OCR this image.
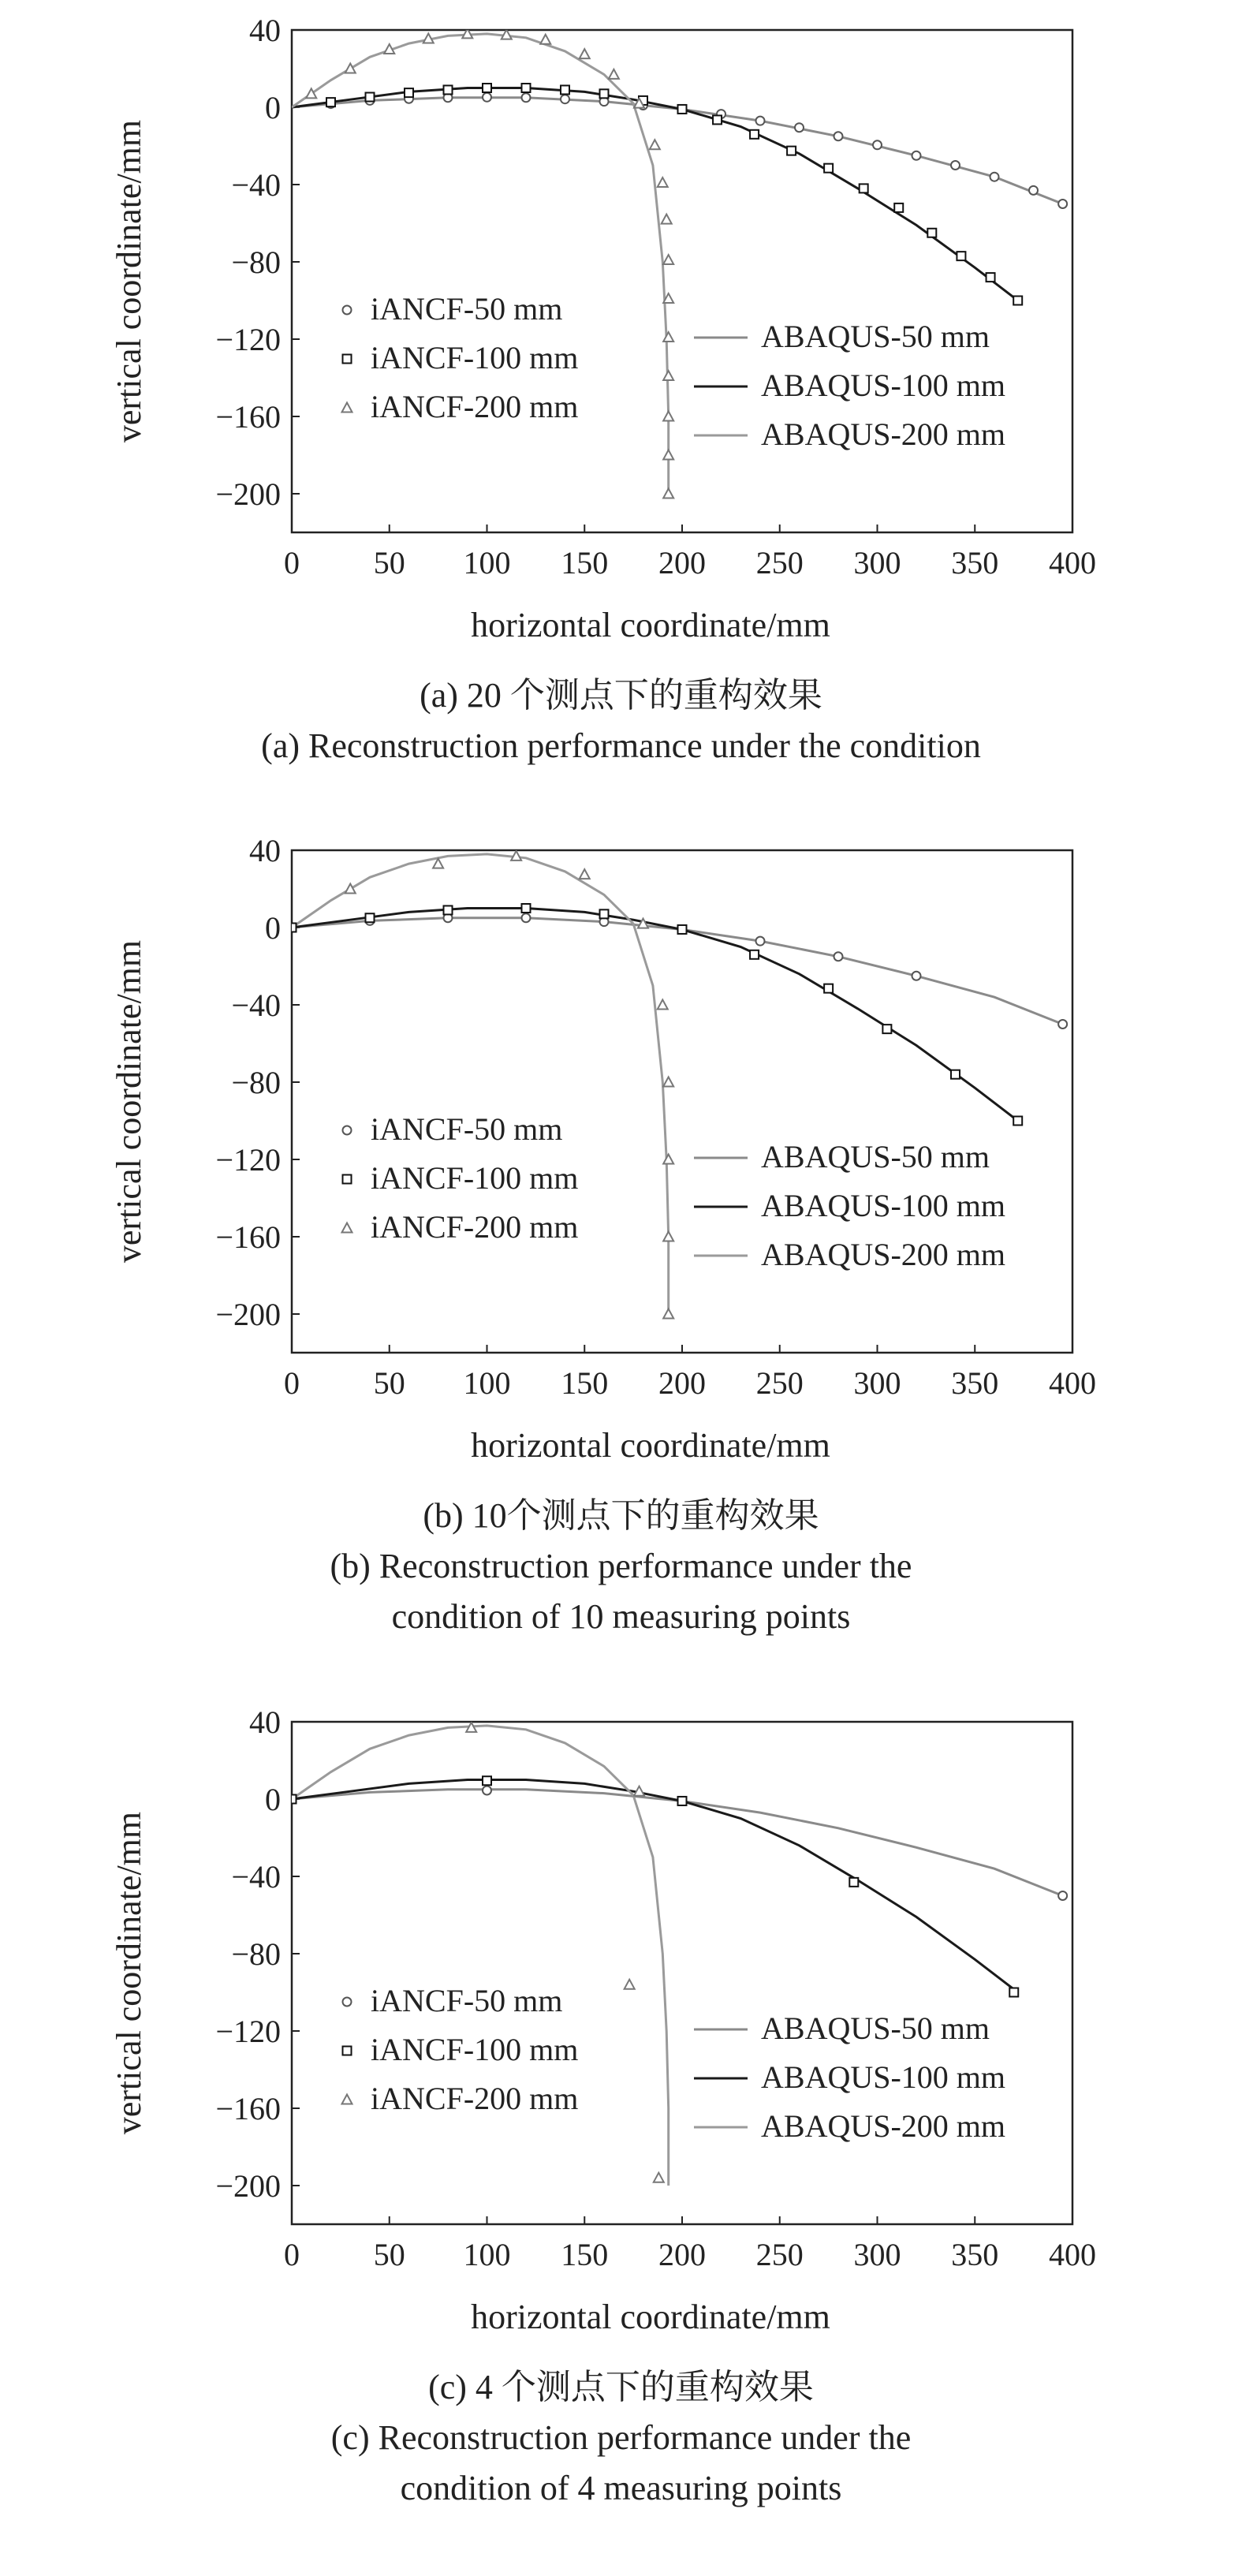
0 50 100 150 200 250 300 350 400
40
0
−40
−80
−120
−160
−200
horizontal coordinate/mm
vertical coordinate/mm	iANCF-50 mm
iANCF-100 mm
iANCF-200 mm
ABAQUS-50 mm
ABAQUS-100 mm
ABAQUS-200 mm
(a) 20 个测点下的重构效果
(a) Reconstruction performance under the condition
0 50 100 150 200 250 300 350 400
40
0
−40
−80
−120
−160
−200
horizontal coordinate/mm
vertical coordinate/mm	iANCF-50 mm
iANCF-100 mm
iANCF-200 mm
ABAQUS-50 mm
ABAQUS-100 mm
ABAQUS-200 mm
(b) 10个测点下的重构效果
(b) Reconstruction performance under the
condition of 10 measuring points
0 50 100 150 200 250 300 350 400
40
0
−40
−80
−120
−160
−200
horizontal coordinate/mm
vertical coordinate/mm	iANCF-50 mm
iANCF-100 mm
iANCF-200 mm
ABAQUS-50 mm
ABAQUS-100 mm
ABAQUS-200 mm
(c) 4 个测点下的重构效果
(c) Reconstruction performance under the
condition of 4 measuring points
